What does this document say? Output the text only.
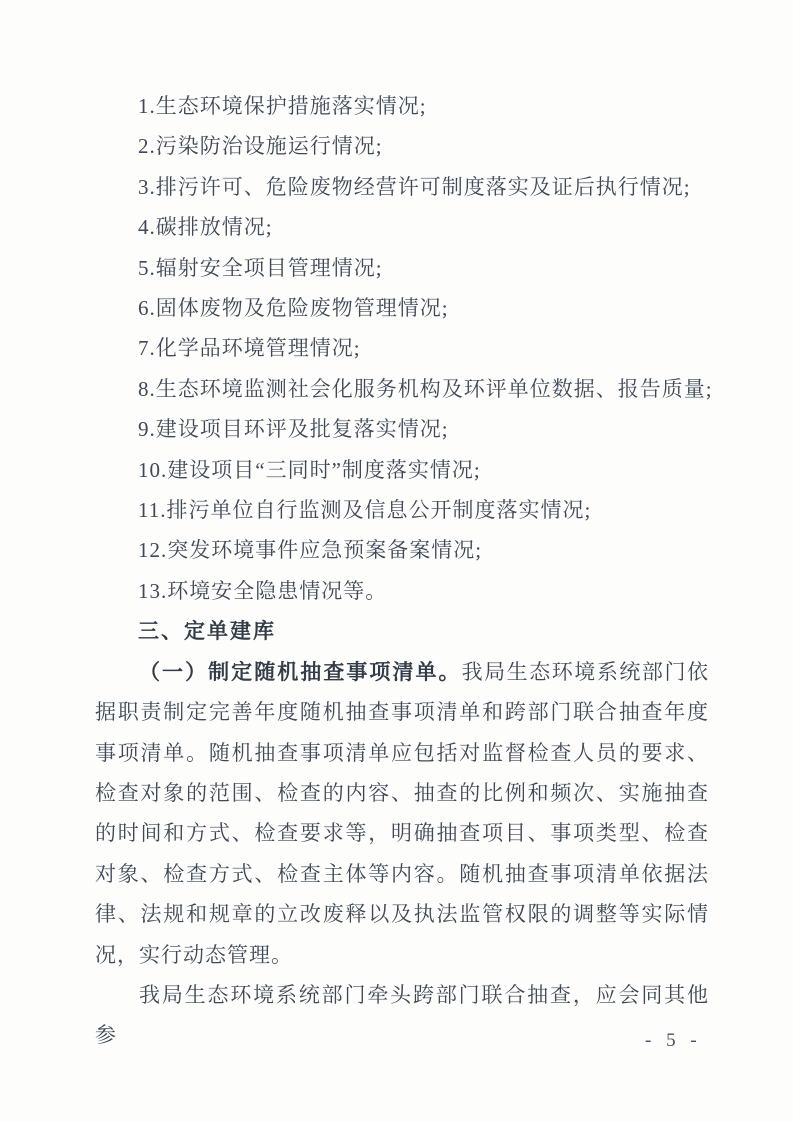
1.生态环境保护措施落实情况;
2.污染防治设施运行情况;
3.排污许可、危险废物经营许可制度落实及证后执行情况;
4.碳排放情况;
5.辐射安全项目管理情况;
6.固体废物及危险废物管理情况;
7.化学品环境管理情况;
8.生态环境监测社会化服务机构及环评单位数据、报告质量;
9.建设项目环评及批复落实情况;
10.建设项目“三同时”制度落实情况;
11.排污单位自行监测及信息公开制度落实情况;
12.突发环境事件应急预案备案情况;
13.环境安全隐患情况等。
三、定单建库

（一）制定随机抽查事项清单。我局生态环境系统部门依据职责制定完善年度随机抽查事项清单和跨部门联合抽查年度事项清单。随机抽查事项清单应包括对监督检查人员的要求、检查对象的范围、检查的内容、抽查的比例和频次、实施抽查的时间和方式、检查要求等，明确抽查项目、事项类型、检查对象、检查方式、检查主体等内容。随机抽查事项清单依据法律、法规和规章的立改废释以及执法监管权限的调整等实际情况，实行动态管理。

我局生态环境系统部门牵头跨部门联合抽查，应会同其他参	- 5 -
